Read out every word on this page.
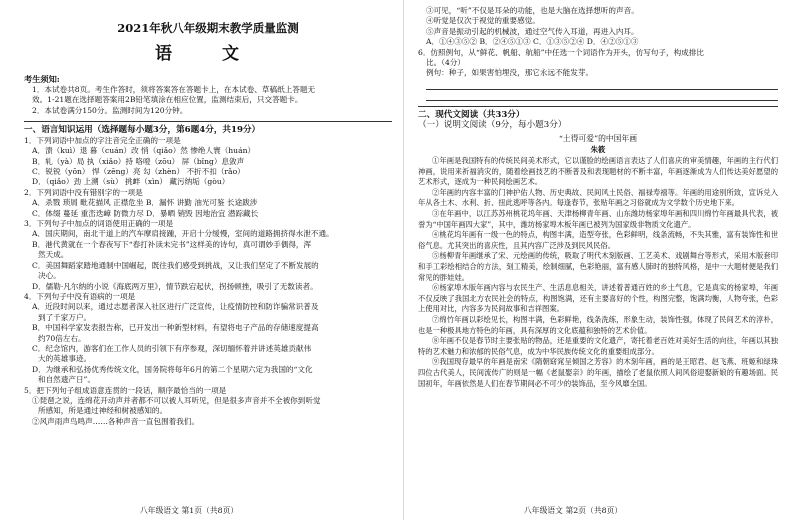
2021年秋八年级期末教学质量监测
语 文
考生须知:
1．本试卷共8页。考生作答时，须将答案答在答题卡上，在本试卷、草稿纸上答题无
效。1-21题在选择题答案用2B铅笔填涂在相应位置，监测结束后，只交答题卡。
2．本试卷满分150分。监测时间为120分钟。
一、语言知识运用（选择题每小题3分，第6题4分，共19分）
1．下列词语中加点的字注音完全正确的一项是
A．溃（kuì）退 暮（cuán）改 悄（qiǎo）然 惨绝人寰（huán）
B．轧（yà）局 执（xiǎo）持 咯噔（zōu） 屏（bǐng）息敛声
C．锐锐（yōn） 悍（zēng）亮 勾（zhèn） 不折不扣（rǎo）
D．（qiǎo）劲 上溯（sù） 挑衅（xìn） 藏污纳垢（gòu）
2．下列词语中没有错别字的一项是
A．杀戮 琐屑 毗花描风 正襟危坐 B．漏怀 讲勤 油光可鉴 长途跋涉
C．体缀 蔓延 重峦迭嶂 防微力尽 D．暴晒 销毁 因地治宜 潜踪藏长
3．下列句子中加点的词语使用正确的一项是
A．国庆期间，南北干道上的汽车摩肩接踵，开启十分缓慢，室间的道路拥挤得水泄不通。
B．港代黄就在一个春夜写下“春打补读未完书”这样美的诗句，真可谓妙手偶得，浑
然天成。
C．美国舞蹈家踏地通制中国崛起，既往我们感受到挑战，又让我们坚定了不断发展的
决心。
D．儒勒·凡尔纳的小说《海底两万里》，情节跌宕起伏，拐扬顿挫，吸引了无数读者。
4．下列句子中没有语病的一项是
A．近段时间以来，通过志愿者深入社区进行广泛宣传，让疫情防控和防诈骗常识普及
到了千家万户。
B．中国科学家发表报告称，已开发出一种新型材料，有望将电子产品的存储速度提高
约70倍左右。
C．纪念馆内，游客们在工作人员的引领下有序参观，深切缅怀着并讲述英雄贡献伟
大的英雄事迹。
D．为继承和弘扬优秀传统文化，国务院将每年6月的第二个星期六定为我国的“文化
和自然遗产日”。
5．把下列句子组成语意连贯的一段话，顺序最恰当的一项是
①琵琶之说，连绵花开动声并者都不可以被人耳听见，但是很多声音并不全被你到听觉
所感知，所是通过神经和树被感知的。
②风声雨声鸟鸣声……各种声音一直包围着我们。
八年级语文 第1页（共8页）
③可见，“听”不仅是耳朵的功能，也是大脑在选择想听的声音。
④听觉是仅次于视觉的重要感觉。
⑤声音是振动引起的机械波，通过空气传入耳道，再进入内耳。
A．①④③⑤② B．②④⑤①③ C．①③⑤②④ D．④②⑤①③
6．仿照例句，从“鲜花、帆船、航船”中任选一个词语作为开头，仿写句子，构成排比
比。（4分）
例句：种子，如果害怕埋没，那它永远不能发芽。
二、现代文阅读（共33分）
（一）说明文阅读（9分，每小题3分）
“土得可爱”的中国年画
朱筱
①年画是我国特有的传统民间美术形式，它以谨脸的绘画语言表达了人们喜庆的审美情趣，年画的主行代们神画，说用来祈福消灾的，随着绘画技艺的不断普及和表现题材的不断丰富，年画逐渐成为人们传达美好愿望的艺术形式，逐成为一种民间绘画艺术。
②年画的内容丰富的门神护佑人物、历史典故、民间风土民俗、福禄寿禧等。年画的用途别所致，宣诉兑入年从各土木、水利、折、扭此逃呼等各内。每逢春节，张贴年画之习俗就成为文学数个历史地下来。
③在年画中，以江苏苏州桃花坞年画、天津杨柳青年画、山东潍坊杨家埠年画和四川绵竹年画最具代表，被誉为“中国年画四大家”，其中，潍坊杨家埠木板年画已被列为国家级非物质文化遗产。
④桃花坞年画有一级一色的特点，构图丰满，造型夸张，色彩鲜明，线条流畅，不失其雅，富有装饰性和世俗气息。尤其突出的喜庆性，且其内容广泛涉及到民风民俗。
⑤杨柳青年画继承了宋、元绘画的传统，吸取了明代木刻版画、工艺美术、戏剧舞台等形式，采用木版套印和手工彩绘相结合的方法，刻工精美，绘制细腻，色彩艳丽，富有感人肺时的独特风格，是中一大题材便是我们常见的胖娃娃。
⑥杨家埠木版年画内容与农民生产、生活息息相关，讲述着普通百姓的乡土气息，它是真实的杨家埠，年画不仅反映了我国北方农民社会的特点，构图饱满，还有主要喜好的个性，构图完整，饱满均衡，人物夸张，色彩上使用对比，内容多为民间故事和吉祥图案。
⑦绵竹年画以彩绘见长，构图丰满，色彩鲜艳，线条洗练，形象生动，装饰性强，体现了民间艺术的淳朴，也是一种极具地方特色的年画，具有深厚的文化底蕴和独特的艺术价值。
⑧年画不仅是春节时主要张贴的物品，还是重要的文化遗产，寄托着老百姓对美好生活的向往，年画以其独特的艺术魅力和浓郁的民俗气息，成为中华民族传统文化的重要组成部分。
⑨我国现存最早的年画是南宋《隋朝窈窕呈倾国之芳容》的木刻年画，画的是王昭君、赵飞燕、班姬和绿珠四位古代美人，民间流传广的则是一幅《老鼠娶亲》的年画，描绘了老鼠依照人间风俗迎娶新娘的有趣场面。民国初年，年画依然是人们在春节期间必不可少的装饰品，至今风靡全国。
八年级语文 第2页（共8页）
